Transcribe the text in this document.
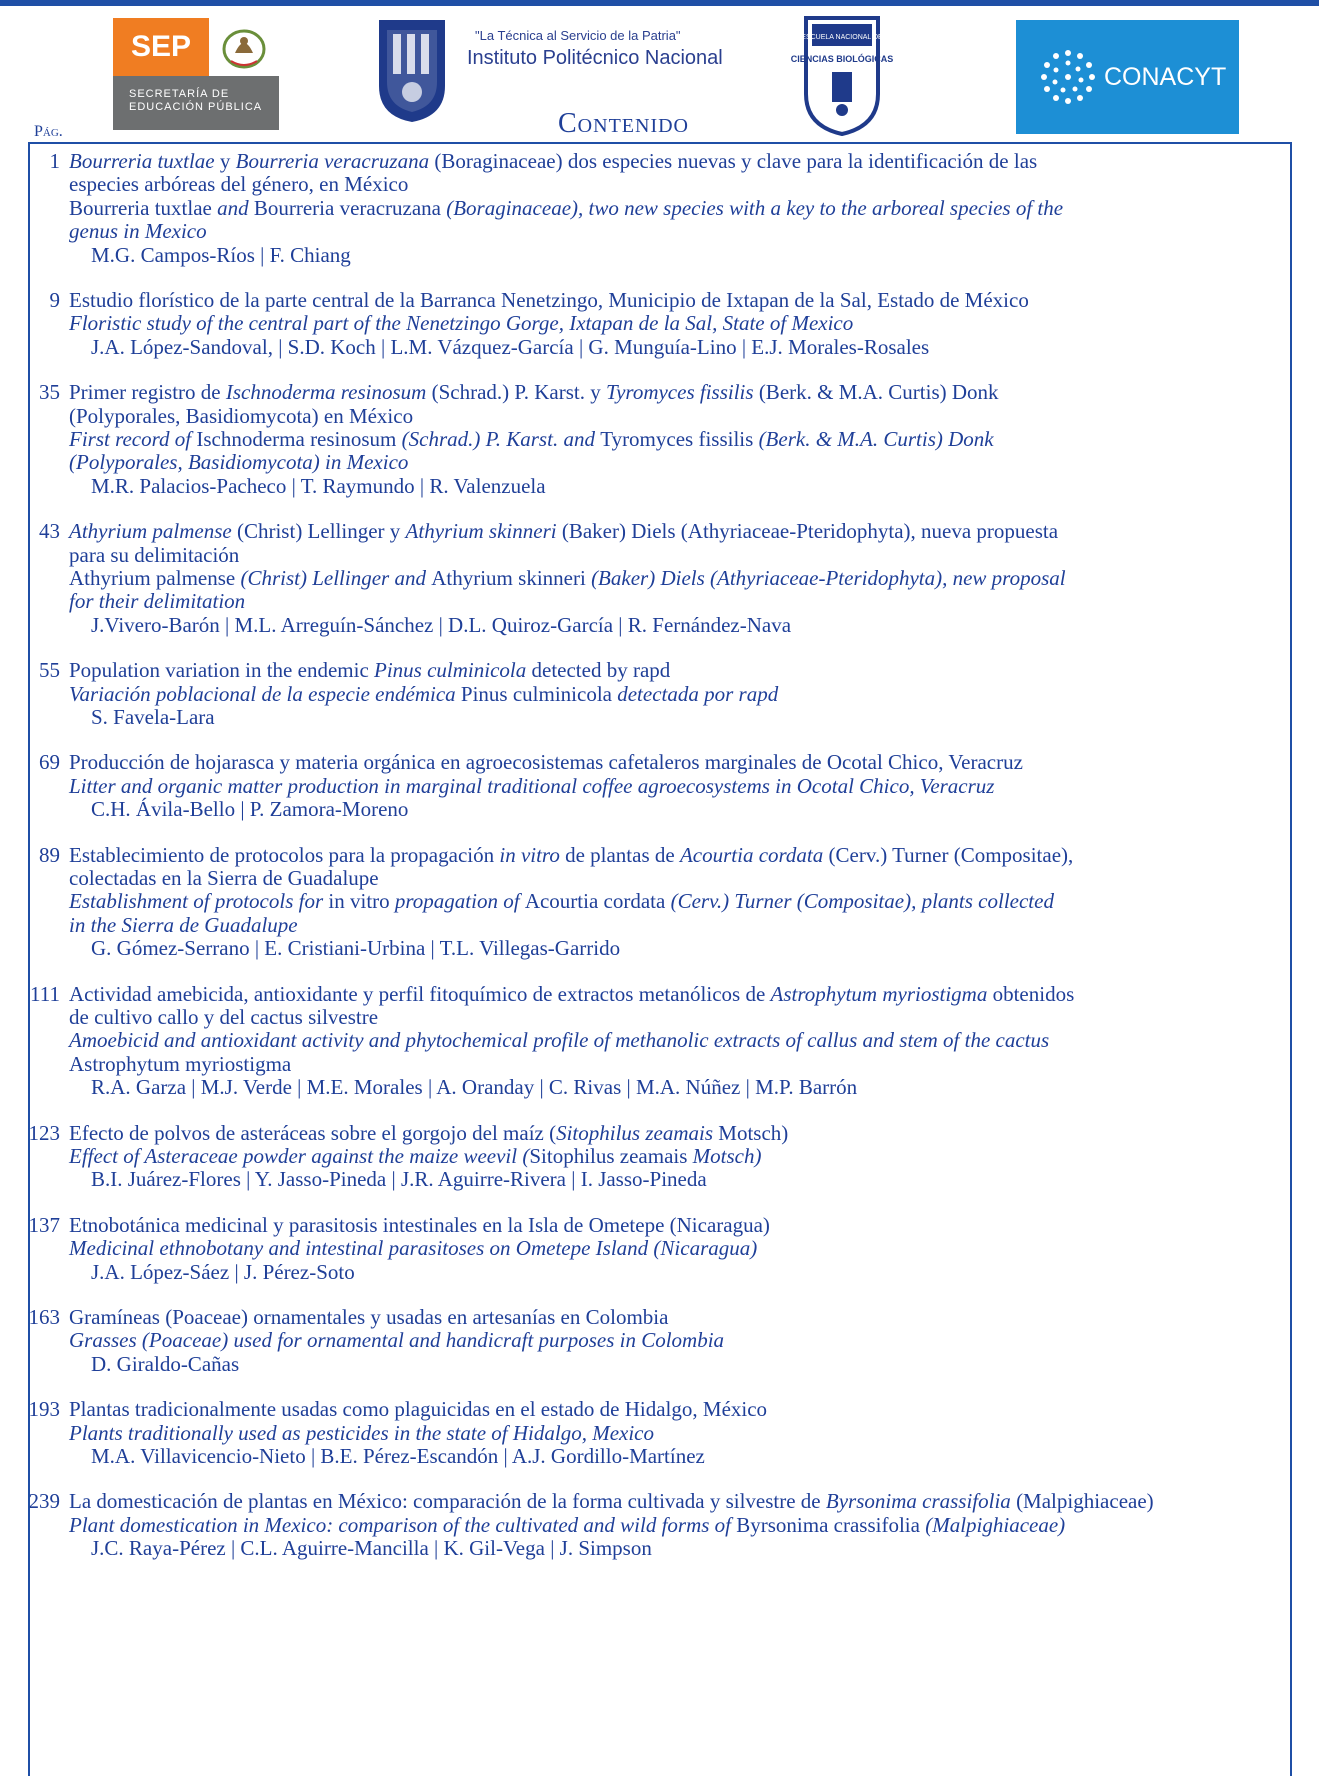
SEP
SECRETARÍA DE
EDUCACIÓN PÚBLICA
"La Técnica al Servicio de la Patria"
Instituto Politécnico Nacional
Contenido
ESCUELA NACIONAL DE
CIENCIAS BIOLÓGICAS
CONACYT
Pág.
1 Bourreria tuxtlae y Bourreria veracruzana (Boraginaceae) dos especies nuevas y clave para la identificación de las
especies arbóreas del género, en México
Bourreria tuxtlae and Bourreria veracruzana (Boraginaceae), two new species with a key to the arboreal species of the
genus in Mexico
M.G. Campos-Ríos | F. Chiang
9 Estudio florístico de la parte central de la Barranca Nenetzingo, Municipio de Ixtapan de la Sal, Estado de México
Floristic study of the central part of the Nenetzingo Gorge, Ixtapan de la Sal, State of Mexico
J.A. López-Sandoval, | S.D. Koch | L.M. Vázquez-García | G. Munguía-Lino | E.J. Morales-Rosales
35 Primer registro de Ischnoderma resinosum (Schrad.) P. Karst. y Tyromyces fissilis (Berk. & M.A. Curtis) Donk
(Polyporales, Basidiomycota) en México
First record of Ischnoderma resinosum (Schrad.) P. Karst. and Tyromyces fissilis (Berk. & M.A. Curtis) Donk
(Polyporales, Basidiomycota) in Mexico
M.R. Palacios-Pacheco | T. Raymundo | R. Valenzuela
43 Athyrium palmense (Christ) Lellinger y Athyrium skinneri (Baker) Diels (Athyriaceae-Pteridophyta), nueva propuesta
para su delimitación
Athyrium palmense (Christ) Lellinger and Athyrium skinneri (Baker) Diels (Athyriaceae-Pteridophyta), new proposal
for their delimitation
J.Vivero-Barón | M.L. Arreguín-Sánchez | D.L. Quiroz-García | R. Fernández-Nava
55 Population variation in the endemic Pinus culminicola detected by rapd
Variación poblacional de la especie endémica Pinus culminicola detectada por rapd
S. Favela-Lara
69 Producción de hojarasca y materia orgánica en agroecosistemas cafetaleros marginales de Ocotal Chico, Veracruz
Litter and organic matter production in marginal traditional coffee agroecosystems in Ocotal Chico, Veracruz
C.H. Ávila-Bello | P. Zamora-Moreno
89 Establecimiento de protocolos para la propagación in vitro de plantas de Acourtia cordata (Cerv.) Turner (Compositae),
colectadas en la Sierra de Guadalupe
Establishment of protocols for in vitro propagation of Acourtia cordata (Cerv.) Turner (Compositae), plants collected
in the Sierra de Guadalupe
G. Gómez-Serrano | E. Cristiani-Urbina | T.L. Villegas-Garrido
111 Actividad amebicida, antioxidante y perfil fitoquímico de extractos metanólicos de Astrophytum myriostigma obtenidos
de cultivo callo y del cactus silvestre
Amoebicid and antioxidant activity and phytochemical profile of methanolic extracts of callus and stem of the cactus
Astrophytum myriostigma
R.A. Garza | M.J. Verde | M.E. Morales | A. Oranday | C. Rivas | M.A. Núñez | M.P. Barrón
123 Efecto de polvos de asteráceas sobre el gorgojo del maíz (Sitophilus zeamais Motsch)
Effect of Asteraceae powder against the maize weevil (Sitophilus zeamais Motsch)
B.I. Juárez-Flores | Y. Jasso-Pineda | J.R. Aguirre-Rivera | I. Jasso-Pineda
137 Etnobotánica medicinal y parasitosis intestinales en la Isla de Ometepe (Nicaragua)
Medicinal ethnobotany and intestinal parasitoses on Ometepe Island (Nicaragua)
J.A. López-Sáez | J. Pérez-Soto
163 Gramíneas (Poaceae) ornamentales y usadas en artesanías en Colombia
Grasses (Poaceae) used for ornamental and handicraft purposes in Colombia
D. Giraldo-Cañas
193 Plantas tradicionalmente usadas como plaguicidas en el estado de Hidalgo, México
Plants traditionally used as pesticides in the state of Hidalgo, Mexico
M.A. Villavicencio-Nieto | B.E. Pérez-Escandón | A.J. Gordillo-Martínez
239 La domesticación de plantas en México: comparación de la forma cultivada y silvestre de Byrsonima crassifolia (Malpighiaceae)
Plant domestication in Mexico: comparison of the cultivated and wild forms of Byrsonima crassifolia (Malpighiaceae)
J.C. Raya-Pérez | C.L. Aguirre-Mancilla | K. Gil-Vega | J. Simpson
